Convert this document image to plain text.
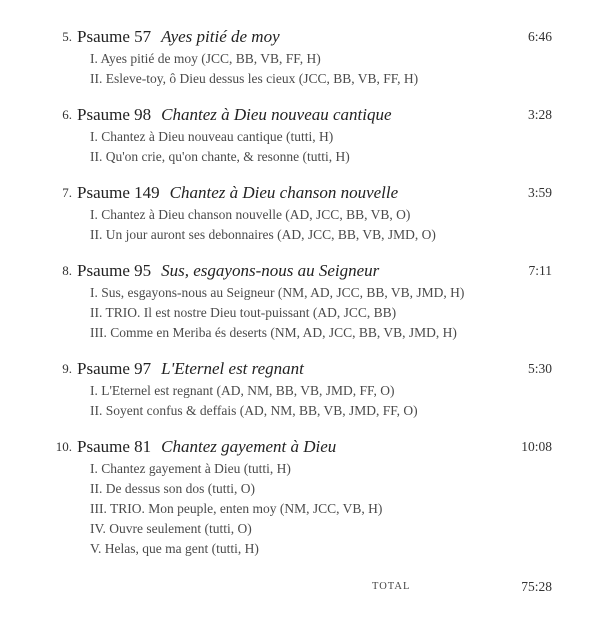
5. Psaume 57 Ayes pitié de moy	6:46
I. Ayes pitié de moy (JCC, BB, VB, FF, H)
II. Esleve-toy, ô Dieu dessus les cieux (JCC, BB, VB, FF, H)
6. Psaume 98 Chantez à Dieu nouveau cantique	3:28
I. Chantez à Dieu nouveau cantique (tutti, H)
II. Qu'on crie, qu'on chante, & resonne (tutti, H)
7. Psaume 149 Chantez à Dieu chanson nouvelle	3:59
I. Chantez à Dieu chanson nouvelle (AD, JCC, BB, VB, O)
II. Un jour auront ses debonnaires (AD, JCC, BB, VB, JMD, O)
8. Psaume 95 Sus, esgayons-nous au Seigneur	7:11
I. Sus, esgayons-nous au Seigneur (NM, AD, JCC, BB, VB, JMD, H)
II. TRIO. Il est nostre Dieu tout-puissant (AD, JCC, BB)
III. Comme en Meriba és deserts (NM, AD, JCC, BB, VB, JMD, H)
9. Psaume 97 L'Eternel est regnant	5:30
I. L'Eternel est regnant (AD, NM, BB, VB, JMD, FF, O)
II. Soyent confus & deffais (AD, NM, BB, VB, JMD, FF, O)
10. Psaume 81 Chantez gayement à Dieu	10:08
I. Chantez gayement à Dieu (tutti, H)
II. De dessus son dos (tutti, O)
III. TRIO. Mon peuple, enten moy (NM, JCC, VB, H)
IV. Ouvre seulement (tutti, O)
V. Helas, que ma gent (tutti, H)
TOTAL	75:28
